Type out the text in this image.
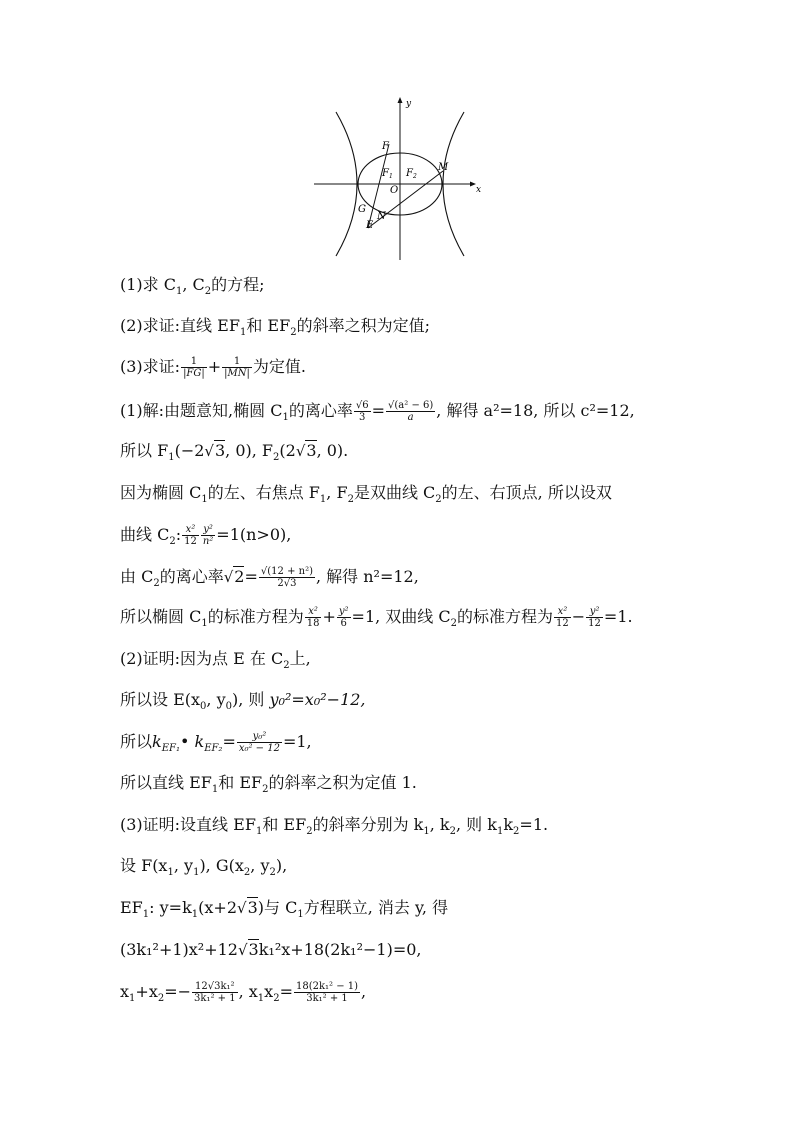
y
x
O
F
$F_1$ $F_2$
M
G
N
E
(1)求 $C_1$, $C_2$的方程;
(2)求证:直线 $EF_1$和 $EF_2$的斜率之积为定值;
(3)求证: $\frac{1}{|FG|} + \frac{1}{|MN|}$ 为定值.
(1)解:由题意知,椭圆 $C_1$的离心率 $\frac{√6}{3} = \frac{\text{√(a² − 6)}}{a}$ , 解得 a²=18, 所以 c²=12,
所以 $F_1(-2√3$, 0), $F_2(2√3$, 0).
因为椭圆 $C_1$的左、右焦点 $F_1$, $F_2$是双曲线 $C_2$的左、右顶点, 所以设双
曲线 $C_2$: $\frac{\text{x²}}{12} \frac{\text{y²}}{\text{n²}} =1(n>0)$,
由 $C_2$的离心率$√2= \frac{\text{√(12 + n²)}}{2√3}$ , 解得 n²=12,
所以椭圆 $C_1$的标准方程为 $\frac{\text{x²}}{18} + \frac{\text{y²}}{6} =1$, 双曲线 $C_2$的标准方程为 $\frac{\text{x²}}{12} - \frac{\text{y²}}{12} =1$.
(2)证明:因为点 E 在 $C_2$上,
所以设 $E(x_0$, $y_0$), 则 y₀²=x₀²−12,
所以$k_{EF_1}•$ $k_{EF_2}= \frac{\text{y₀²}}{\text{x₀² − 12}} =1$,
所以直线 $EF_1$和 $EF_2$的斜率之积为定值 1.
(3)证明:设直线 $EF_1$和 $EF_2$的斜率分别为 $k_1$, $k_2$, 则 $k_1k_2=1$.
设 $F(x_1$, $y_1$), $G(x_2$, $y_2$),
$EF_1$: $y=k_1(x+2√3)$与 $C_1$方程联立, 消去 y, 得
(3k₁²+1)x²+12√3k₁²x+18(2k₁²−1)=0,
$x_1+x_2=- \frac{\text{12√3k₁²}}{\text{3k₁² + 1}}$ , $x_1x_2= \frac{\text{18(2k₁² − 1)}}{\text{3k₁² + 1}}$ ,
